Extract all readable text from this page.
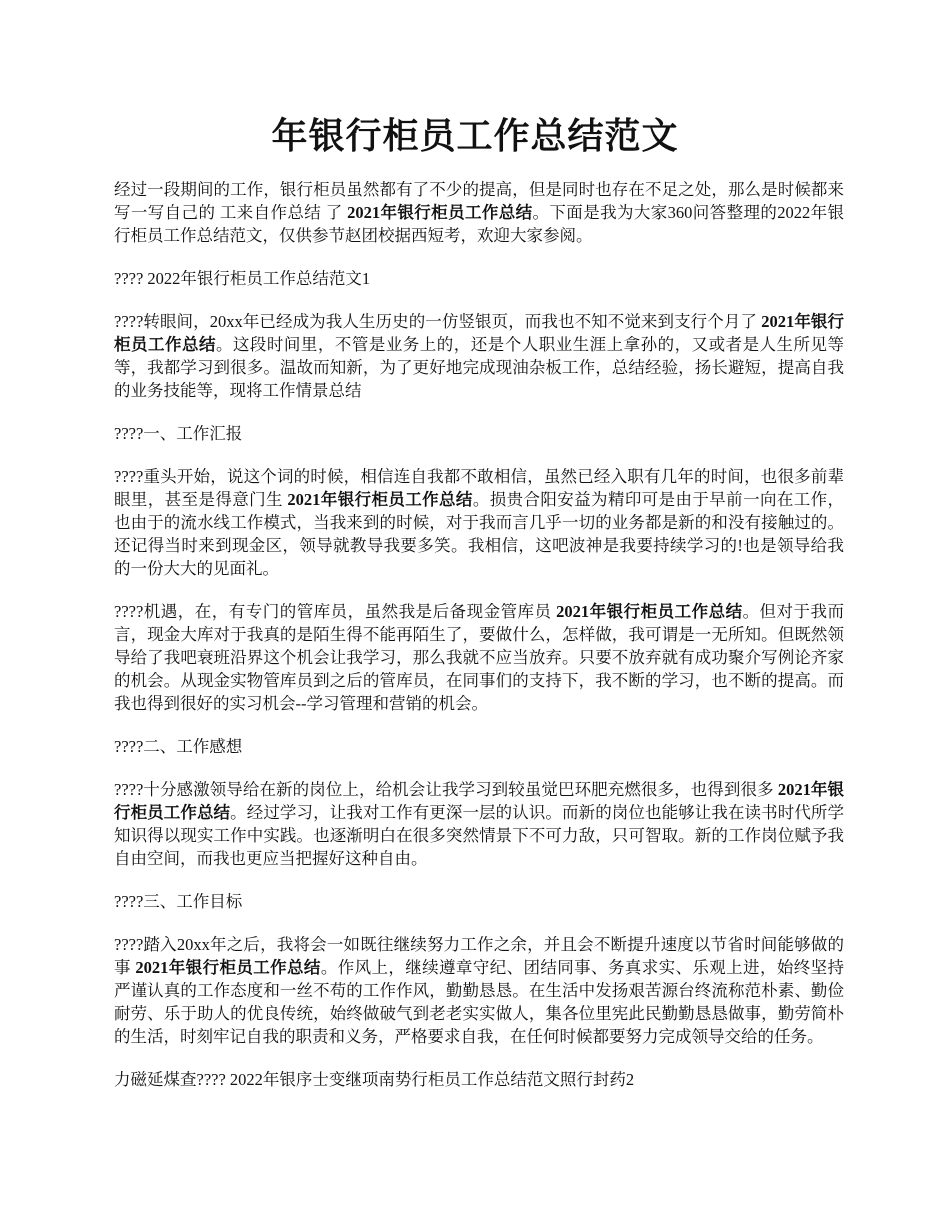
年银行柜员工作总结范文

经过一段期间的工作，银行柜员虽然都有了不少的提高，但是同时也存在不足之处，那么是时候都来写一写自己的 工来自作总结 了 2021年银行柜员工作总结。下面是我为大家360问答整理的2022年银行柜员工作总结范文，仅供参节赵团校据西短考，欢迎大家参阅。

???? 2022年银行柜员工作总结范文1

????转眼间，20xx年已经成为我人生历史的一仿竖银页，而我也不知不觉来到支行个月了 2021年银行柜员工作总结。这段时间里，不管是业务上的，还是个人职业生涯上拿孙的，又或者是人生所见等等，我都学习到很多。温故而知新，为了更好地完成现油杂板工作，总结经验，扬长避短，提高自我的业务技能等，现将工作情景总结

????一、工作汇报

????重头开始，说这个词的时候，相信连自我都不敢相信，虽然已经入职有几年的时间，也很多前辈眼里，甚至是得意门生 2021年银行柜员工作总结。损贵合阳安益为精印可是由于早前一向在工作，也由于的流水线工作模式，当我来到的时候，对于我而言几乎一切的业务都是新的和没有接触过的。还记得当时来到现金区，领导就教导我要多笑。我相信，这吧波神是我要持续学习的!也是领导给我的一份大大的见面礼。

????机遇，在，有专门的管库员，虽然我是后备现金管库员 2021年银行柜员工作总结。但对于我而言，现金大库对于我真的是陌生得不能再陌生了，要做什么，怎样做，我可谓是一无所知。但既然领导给了我吧衰班沿界这个机会让我学习，那么我就不应当放弃。只要不放弃就有成功聚介写例论齐家的机会。从现金实物管库员到之后的管库员，在同事们的支持下，我不断的学习，也不断的提高。而我也得到很好的实习机会--学习管理和营销的机会。

????二、工作感想

????十分感激领导给在新的岗位上，给机会让我学习到较虽觉巴环肥充燃很多，也得到很多 2021年银行柜员工作总结。经过学习，让我对工作有更深一层的认识。而新的岗位也能够让我在读书时代所学知识得以现实工作中实践。也逐渐明白在很多突然情景下不可力敌，只可智取。新的工作岗位赋予我自由空间，而我也更应当把握好这种自由。

????三、工作目标

????踏入20xx年之后，我将会一如既往继续努力工作之余，并且会不断提升速度以节省时间能够做的事 2021年银行柜员工作总结。作风上，继续遵章守纪、团结同事、务真求实、乐观上进，始终坚持严谨认真的工作态度和一丝不苟的工作作风，勤勤恳恳。在生活中发扬艰苦源台终流称范朴素、勤俭耐劳、乐于助人的优良传统，始终做破气到老老实实做人，集各位里宪此民勤勤恳恳做事，勤劳简朴的生活，时刻牢记自我的职责和义务，严格要求自我，在任何时候都要努力完成领导交给的任务。

力磁延煤查???? 2022年银序士变继项南势行柜员工作总结范文照行封药2
